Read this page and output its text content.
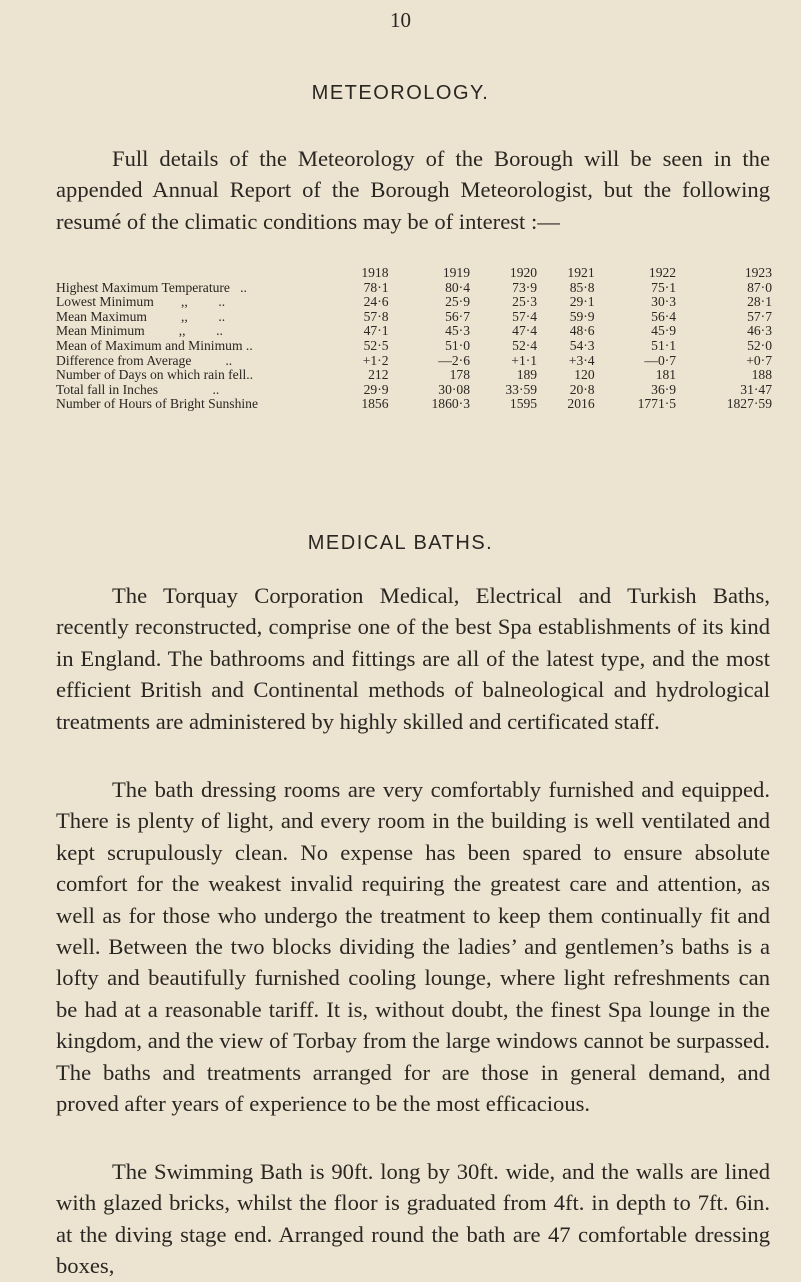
10
METEOROLOGY.

Full details of the Meteorology of the Borough will be seen in the appended Annual Report of the Borough Meteorologist, but the following resumé of the climatic conditions may be of interest :—

	1918	1919	1920	1921	1922	1923
Highest Maximum Temperature   ..	78·1	80·4	73·9	85·8	75·1	87·0
Lowest Minimum        ,,         ..	24·6	25·9	25·3	29·1	30·3	28·1
Mean Maximum          ,,         ..	57·8	56·7	57·4	59·9	56·4	57·7
Mean Minimum          ,,         ..	47·1	45·3	47·4	48·6	45·9	46·3
Mean of Maximum and Minimum ..	52·5	51·0	52·4	54·3	51·1	52·0
Difference from Average          ..	+1·2	—2·6	+1·1	+3·4	—0·7	+0·7
Number of Days on which rain fell..	212	178	189	120	181	188
Total fall in Inches                ..	29·9	30·08	33·59	20·8	36·9	31·47
Number of Hours of Bright Sunshine	1856	1860·3	1595	2016	1771·5	1827·59
MEDICAL BATHS.

The Torquay Corporation Medical, Electrical and Turkish Baths, recently reconstructed, comprise one of the best Spa establishments of its kind in England. The bathrooms and fittings are all of the latest type, and the most efficient British and Continental methods of balneological and hydrological treatments are administered by highly skilled and certificated staff.

The bath dressing rooms are very comfortably furnished and equipped. There is plenty of light, and every room in the building is well ventilated and kept scrupulously clean. No expense has been spared to ensure absolute comfort for the weakest invalid requiring the greatest care and attention, as well as for those who undergo the treatment to keep them continually fit and well. Between the two blocks dividing the ladies’ and gentlemen’s baths is a lofty and beautifully furnished cooling lounge, where light refreshments can be had at a reasonable tariff. It is, without doubt, the finest Spa lounge in the kingdom, and the view of Torbay from the large windows cannot be surpassed. The baths and treatments arranged for are those in general demand, and proved after years of experience to be the most efficacious.

The Swimming Bath is 90ft. long by 30ft. wide, and the walls are lined with glazed bricks, whilst the floor is graduated from 4ft. in depth to 7ft. 6in. at the diving stage end. Arranged round the bath are 47 comfortable dressing boxes,
